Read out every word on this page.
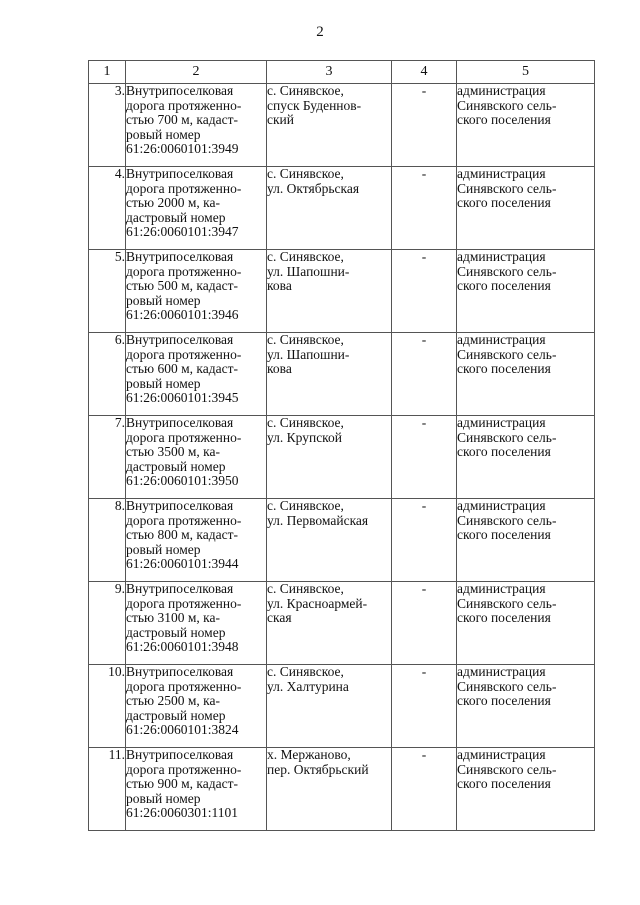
2
1	2	3	4	5
3.	Внутрипоселковая
дорога протяженно-
стью 700 м, кадаст-
ровый номер
61:26:0060101:3949	с. Синявское,
спуск Буденнов-
ский	-	администрация
Синявского сель-
ского поселения
4.	Внутрипоселковая
дорога протяженно-
стью 2000 м, ка-
дастровый номер
61:26:0060101:3947	с. Синявское,
ул. Октябрьская	-	администрация
Синявского сель-
ского поселения
5.	Внутрипоселковая
дорога протяженно-
стью 500 м, кадаст-
ровый номер
61:26:0060101:3946	с. Синявское,
ул. Шапошни-
кова	-	администрация
Синявского сель-
ского поселения
6.	Внутрипоселковая
дорога протяженно-
стью 600 м, кадаст-
ровый номер
61:26:0060101:3945	с. Синявское,
ул. Шапошни-
кова	-	администрация
Синявского сель-
ского поселения
7.	Внутрипоселковая
дорога протяженно-
стью 3500 м, ка-
дастровый номер
61:26:0060101:3950	с. Синявское,
ул. Крупской	-	администрация
Синявского сель-
ского поселения
8.	Внутрипоселковая
дорога протяженно-
стью 800 м, кадаст-
ровый номер
61:26:0060101:3944	с. Синявское,
ул. Первомайская	-	администрация
Синявского сель-
ского поселения
9.	Внутрипоселковая
дорога протяженно-
стью 3100 м, ка-
дастровый номер
61:26:0060101:3948	с. Синявское,
ул. Красноармей-
ская	-	администрация
Синявского сель-
ского поселения
10.	Внутрипоселковая
дорога протяженно-
стью 2500 м, ка-
дастровый номер
61:26:0060101:3824	с. Синявское,
ул. Халтурина	-	администрация
Синявского сель-
ского поселения
11.	Внутрипоселковая
дорога протяженно-
стью 900 м, кадаст-
ровый номер
61:26:0060301:1101	х. Мержаново,
пер. Октябрьский	-	администрация
Синявского сель-
ского поселения
